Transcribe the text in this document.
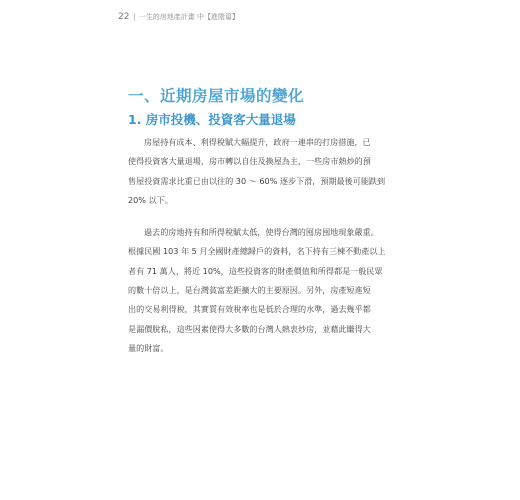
22 | 一生的房地產計畫 中【進階篇】
一、近期房屋市場的變化
1. 房市投機、投資客大量退場
房屋持有成本、利得稅賦大幅提升，政府一連串的打房措施，已
使得投資客大量退場，房市轉以自住及換屋為主，一些房市熱炒的預
售屋投資需求比重已由以往的 30 ～ 60% 逐步下滑，預期最後可能跌到
20% 以下。
過去的房地持有和所得稅賦太低，使得台灣的囤房囤地現象嚴重。
根據民國 103 年 5 月全國財產總歸戶的資料，名下持有三棟不動產以上
者有 71 萬人，將近 10%，這些投資客的財產價值和所得都是一般民眾
的數十倍以上，是台灣貧富差距擴大的主要原因。另外，房產短進短
出的交易利得稅，其實質有效稅率也是低於合理的水準，過去幾乎都
是漏價脫私，這些因素使得大多數的台灣人熱衷炒房，並藉此賺得大
量的財富。
